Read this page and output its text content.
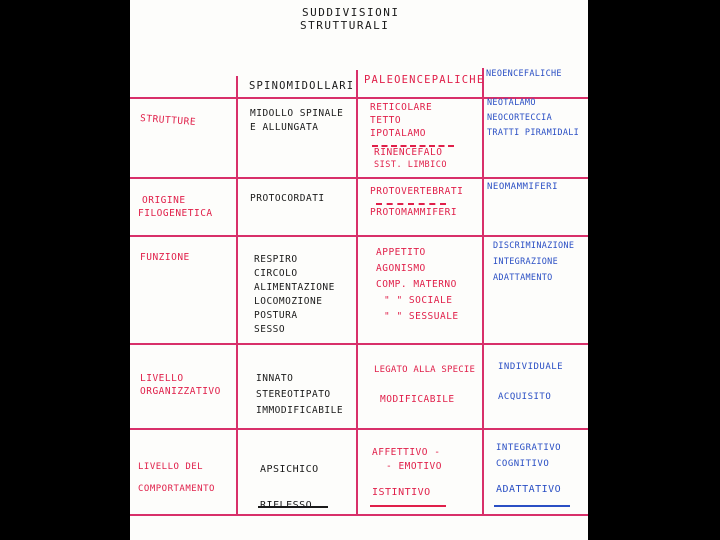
SUDDIVISIONI
STRUTTURALI
SPINOMIDOLLARI PALEOENCEPALICHE NEOENCEFALICHE
STRUTTURE	MIDOLLO SPINALE
E ALLUNGATA
RETICOLARE
TETTO
IPOTALAMO
RINENCEFALO
SIST. LIMBICO
NEOTALAMO
NEOCORTECCIA
TRATTI PIRAMIDALI
ORIGINE
FILOGENETICA
PROTOCORDATI
PROTOVERTEBRATI
PROTOMAMMIFERI
NEOMAMMIFERI
FUNZIONE	RESPIRO
CIRCOLO
ALIMENTAZIONE
LOCOMOZIONE
POSTURA
SESSO
APPETITO
AGONISMO
COMP. MATERNO
" " SOCIALE
" " SESSUALE
DISCRIMINAZIONE
INTEGRAZIONE
ADATTAMENTO
LIVELLO
ORGANIZZATIVO
INNATO
STEREOTIPATO
IMMODIFICABILE
LEGATO ALLA SPECIE
MODIFICABILE
INDIVIDUALE
ACQUISITO
LIVELLO DEL
COMPORTAMENTO
APSICHICO
AFFETTIVO -
- EMOTIVO
ISTINTIVO
INTEGRATIVO
COGNITIVO
ADATTATIVO
